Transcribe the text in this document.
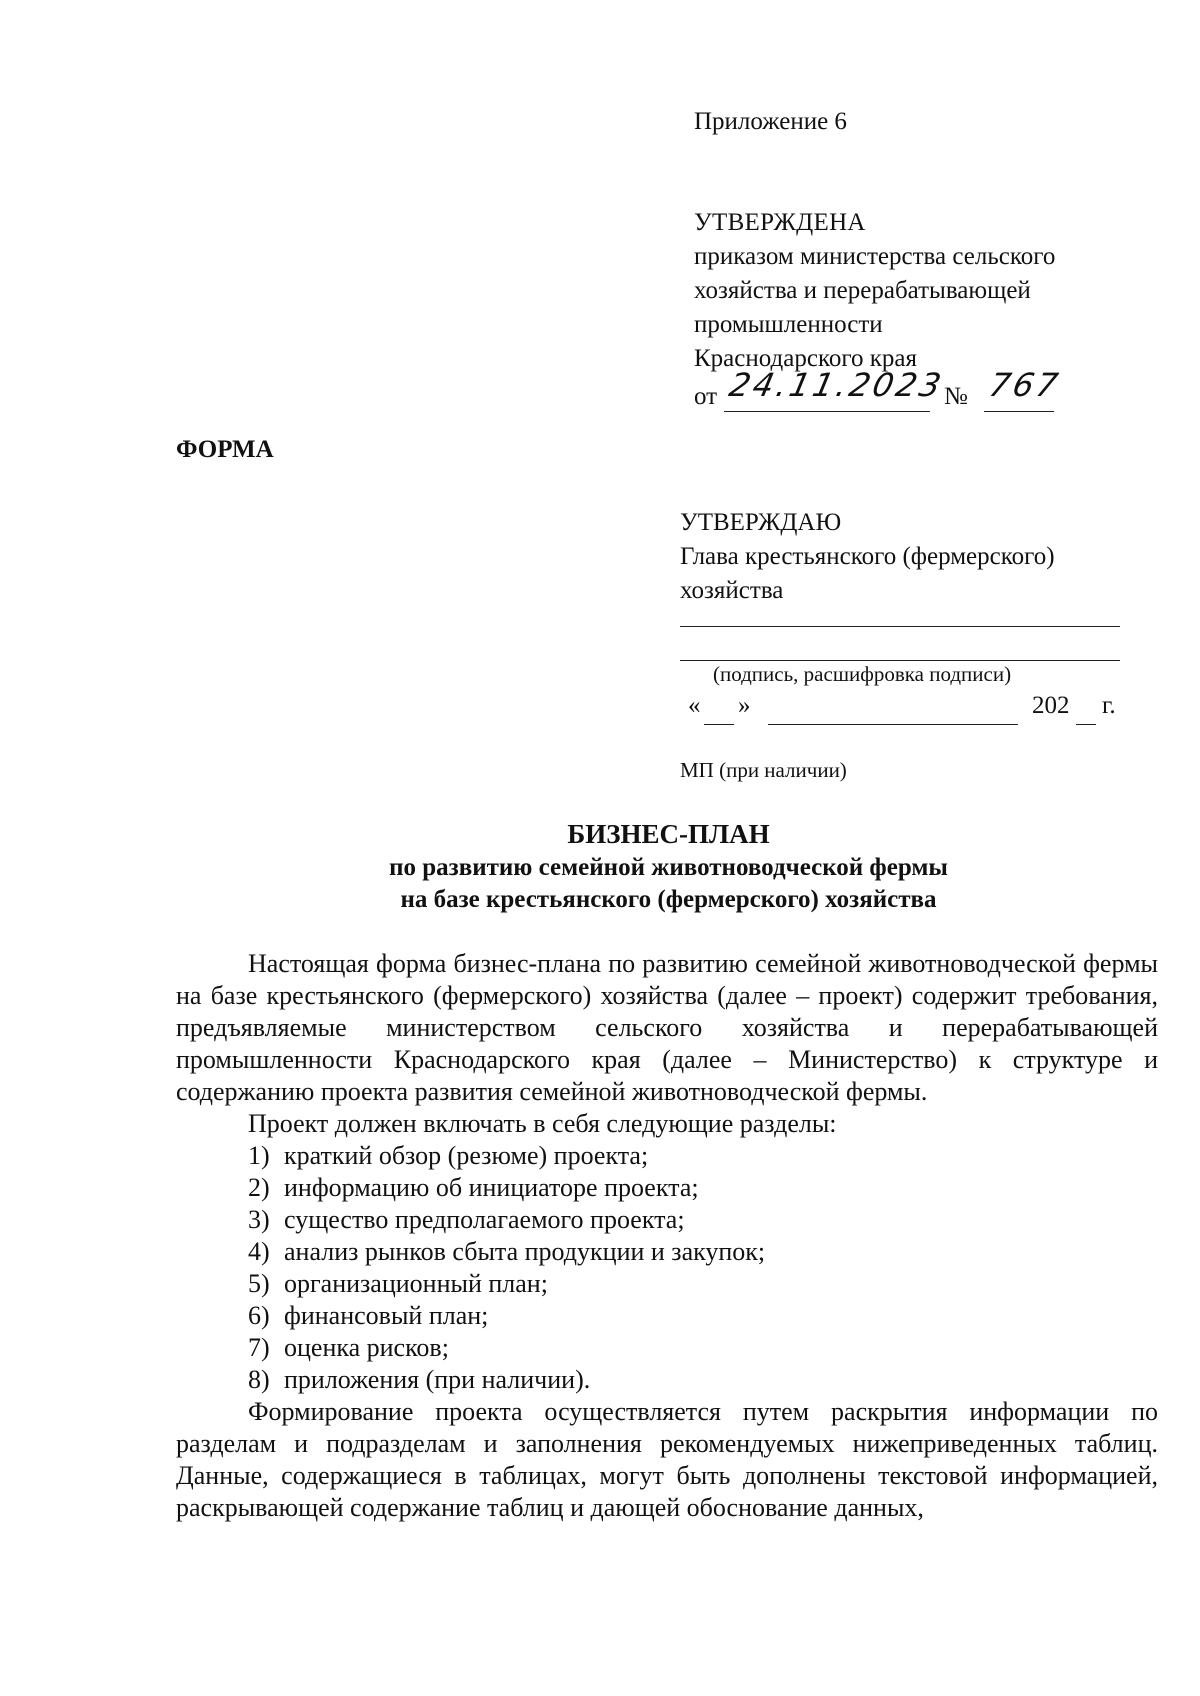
Приложение 6
УТВЕРЖДЕНА
приказом министерства сельского
хозяйства и перерабатывающей
промышленности
Краснодарского края
от 24.11.2023
№ 767
ФОРМА
УТВЕРЖДАЮ
Глава крестьянского (фермерского)
хозяйства
(подпись, расшифровка подписи)
« »	202 г.
МП (при наличии)
БИЗНЕС-ПЛАН
по развитию семейной животноводческой фермы
на базе крестьянского (фермерского) хозяйства

Настоящая форма бизнес-плана по развитию семейной животноводческой фермы на базе крестьянского (фермерского) хозяйства (далее – проект) содержит требования, предъявляемые министерством сельского хозяйства и перерабатывающей промышленности Краснодарского края (далее – Министерство) к структуре и содержанию проекта развития семейной животноводческой фермы.

Проект должен включать в себя следующие разделы:

1) краткий обзор (резюме) проекта;
2) информацию об инициаторе проекта;
3) существо предполагаемого проекта;
4) анализ рынков сбыта продукции и закупок;
5) организационный план;
6) финансовый план;
7) оценка рисков;
8) приложения (при наличии).

Формирование проекта осуществляется путем раскрытия информации по разделам и подразделам и заполнения рекомендуемых нижеприведенных таблиц. Данные, содержащиеся в таблицах, могут быть дополнены текстовой информацией, раскрывающей содержание таблиц и дающей обоснование данных,
